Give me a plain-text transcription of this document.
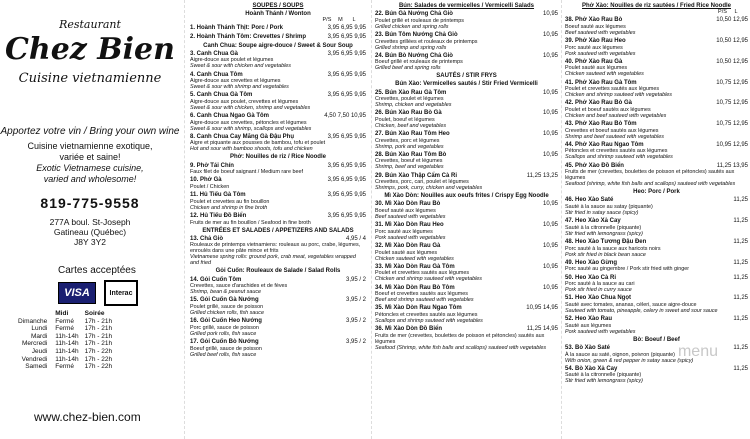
Restaurant
Chez Bien
Cuisine vietnamienne
Apportez votre vin / Bring your own wine
Cuisine vietnamienne exotique,
variée et saine!
Exotic Vietnamese cuisine,
varied and wholesome!
819-775-9558
277A boul. St-Joseph
Gatineau (Québec)
J8Y 3Y2
Cartes acceptées
VISA	Interac
	Midi	Soirée
Dimanche	Fermé	17h - 21h
Lundi	Fermé	17h - 21h
Mardi	11h-14h	17h - 21h
Mercredi	11h-14h	17h - 21h
Jeudi	11h-14h	17h - 22h
Vendredi	11h-14h	17h - 22h
Samedi	Fermé	17h - 22h
www.chez-bien.com
SOUPES / SOUPS
Hoành Thánh / Wonton
P/S M L
1. Hoành Thánh Thịt: Porc / Pork	3,95 6,95 9,95
2. Hoành Thánh Tôm: Crevettes / Shrimp	3,95 6,95 9,95
Canh Chua: Soupe aigre-douce / Sweet & Sour Soup
3. Canh Chua Gà	3,95 6,95 9,95
Aigre-douce aux poulet et légumes
Sweet & sour with chicken and vegetables
4. Canh Chua Tôm	3,95 6,95 9,95
Aigre-douce aux crevettes et légumes
Sweet & sour with shrimp and vegetables
5. Canh Chua Gà Tôm	3,95 6,95 9,95
Aigre-douce aux poulet, crevettes et légumes
Sweet & sour with chicken, shrimp and vegetables
6. Canh Chua Ngao Gà Tôm	4,50 7,50 10,95
Aigre-douce aux crevettes, pétoncles et légumes
Sweet & sour with shrimp, scallops and vegetables
8. Canh Chua Cay Măng Gà Đậu Phụ	3,95 6,95 9,95
Aigre et piquante aux pousses de bambou, tofu et poulet
Hot and sour with bamboo shoots, tofu and chicken
Phở: Nouilles de riz / Rice Noodle
9. Phở Tái Chín	3,95 6,95 9,95
Faux filet de boeuf saignant / Medium rare beef
10. Phở Gà	3,95 6,95 9,95
Poulet / Chicken
11. Hủ Tiếu Gà Tôm	3,95 6,95 9,95
Poulet et crevettes au fin bouillon
Chicken and shrimp in fine broth
12. Hủ Tiếu Đồ Biển	3,95 6,95 9,95
Fruits de mer au fin bouillon / Seafood in fine broth
ENTRÉES ET SALADES / APPETIZERS AND SALADS
13. Chả Giò	4,95 / 4
Rouleaux de printemps vietnamiens: rouleaux au porc, crabe, légumes, enroulés dans une pâte mince et frits
Vietnamese spring rolls: ground pork, crab meat, vegetables wrapped and fried
Gỏi Cuốn: Rouleaux de Salade / Salad Rolls
14. Gỏi Cuốn Tôm	3,95 / 2
Crevettes, sauce d'arachides et de fèves
Shrimp, bean & peanut sauce
15. Gỏi Cuốn Gà Nướng	3,95 / 2
Poulet grillé, sauce de poisson
Grilled chicken rolls, fish sauce
16. Gỏi Cuốn Heo Nướng	3,95 / 2
Porc grillé, sauce de poisson
Grilled pork rolls, fish sauce
17. Gỏi Cuốn Bò Nướng	3,95 / 2
Boeuf grillé, sauce de poisson
Grilled beef rolls, fish sauce
Bún: Salades de vermicelles / Vermicelli Salads
22. Bún Gà Nướng Chả Giò	10,95
Poulet grillé et rouleaux de printemps
Grilled chicken and spring rolls
23. Bún Tôm Nướng Chả Giò	10,95
Crevettes grillées et rouleaux de printemps
Grilled shrimp and spring rolls
24. Bún Bò Nướng Chả Giò	10,95
Boeuf grillé et rouleaux de printemps
Grilled beef and spring rolls
SAUTÉS / STIR FRYS
Bún Xào: Vermicelles sautés / Stir Fried Vermicelli
25. Bún Xào Rau Gà Tôm	10,95
Crevettes, poulet et légumes
Shrimp, chicken and vegetables
26. Bún Xào Rau Bò Gà	10,95
Poulet, boeuf et légumes
Chicken, beef and vegetables
27. Bún Xào Rau Tôm Heo	10,95
Crevettes, porc et légumes
Shrimp, pork and vegetables
28. Bún Xào Rau Tôm Bò	10,95
Crevettes, boeuf et légumes
Shrimp, beef and vegetables
29. Bún Xào Thập Cẩm Cà Ri	11,25 13,25
Crevettes, porc, cari, poulet et légumes
Shrimps, pork, curry, chicken and vegetables
Mì Xào Dòn: Nouilles aux oeufs frites / Crispy Egg Noodle
30. Mì Xào Dòn Rau Bò	10,95
Boeuf sauté aux légumes
Beef sauteed with vegetables
31. Mì Xào Dòn Rau Heo	10,95
Porc sauté aux légumes
Pork sauteed with vegetables
32. Mì Xào Dòn Rau Gà	10,95
Poulet sauté aux légumes
Chicken sauteed with vegetables
33. Mì Xào Dòn Rau Gà Tôm	10,95
Poulet et crevettes sautés aux légumes
Chicken and shrimp sauteed with vegetables
34. Mì Xào Dòn Rau Bò Tôm	10,95
Boeuf et crevettes sautés aux légumes
Beef and shrimp sauteed with vegetables
35. Mì Xào Dòn Rau Ngao Tôm	10,95 14,95
Pétoncles et crevettes sautés aux légumes
Scallops and shrimp sauteed with vegetables
36. Mì Xào Dòn Đồ Biển	11,25 14,95
Fruits de mer (crevettes, boulettes de poisson et pétoncles) sautés aux légumes
Seafood (Shrimp, white fish balls and scallops) sauteed with vegetables
Phở Xào: Nouilles de riz sautées / Fried Rice Noodle
P/S L
38. Phở Xào Rau Bò	10,50 12,95
Boeuf sauté aux légumes
Beef sauteed with vegetables
39. Phở Xào Rau Heo	10,50 12,95
Porc sauté aux légumes
Pork sauteed with vegetables
40. Phở Xào Rau Gà	10,50 12,95
Poulet sauté aux légumes
Chicken sauteed with vegetables
41. Phở Xào Rau Gà Tôm	10,75 12,95
Poulet et crevettes sautés aux légumes
Chicken and shrimp sauteed with vegetables
42. Phở Xào Rau Bò Gà	10,75 12,95
Poulet et boeuf sautés aux légumes
Chicken and beef sauteed with vegetables
43. Phở Xào Rau Bò Tôm	10,75 12,95
Crevettes et boeuf sautés aux légumes
Shrimp and beef sauteed with vegetables
44. Phở Xào Rau Ngao Tôm	10,95 12,95
Pétoncles et crevettes sautés aux légumes
Scallops and shrimp sauteed with vegetables
45. Phở Xào Đồ Biển	11,25 13,95
Fruits de mer (crevettes, boulettes de poisson et pétoncles) sautés aux légumes
Seafood (shrimp, white fish balls and scallops) sauteed with vegetables
Heo: Porc / Pork
46. Heo Xào Saté	11,25
Sauté à la sauce au satay (piquante)
Stir fried in satay sauce (spicy)
47. Heo Xào Xả Cay	11,25
Sauté à la citronnelle (piquante)
Stir fried with lemongrass (spicy)
48. Heo Xào Tương Đậu Đen	11,25
Porc sauté à la sauce aux haricots noirs
Pork stir fried in black bean sauce
49. Heo Xào Gừng	11,25
Porc sauté au gingembre / Pork stir fried with ginger
50. Heo Xào Cà Ri	11,25
Porc sauté à la sauce au cari
Pork stir fried in curry sauce
51. Heo Xào Chua Ngọt	11,25
Sauté avec tomates, ananas, céleri, sauce aigre-douce
Sauteed with tomato, pineapple, celery in sweet and sour sauce
52. Heo Xào Rau	11,25
Sauté aux légumes
Pork sauteed with vegetables
Bò: Boeuf / Beef
53. Bò Xào Saté	11,25
À la sauce au saté, oignon, poivron (piquante)
With onion, green & red pepper in satay sauce (spicy)
54. Bò Xào Xả Cay	11,25
Sauté à la citronnelle (piquante)
Stir fried with lemongrass (spicy)
menu
